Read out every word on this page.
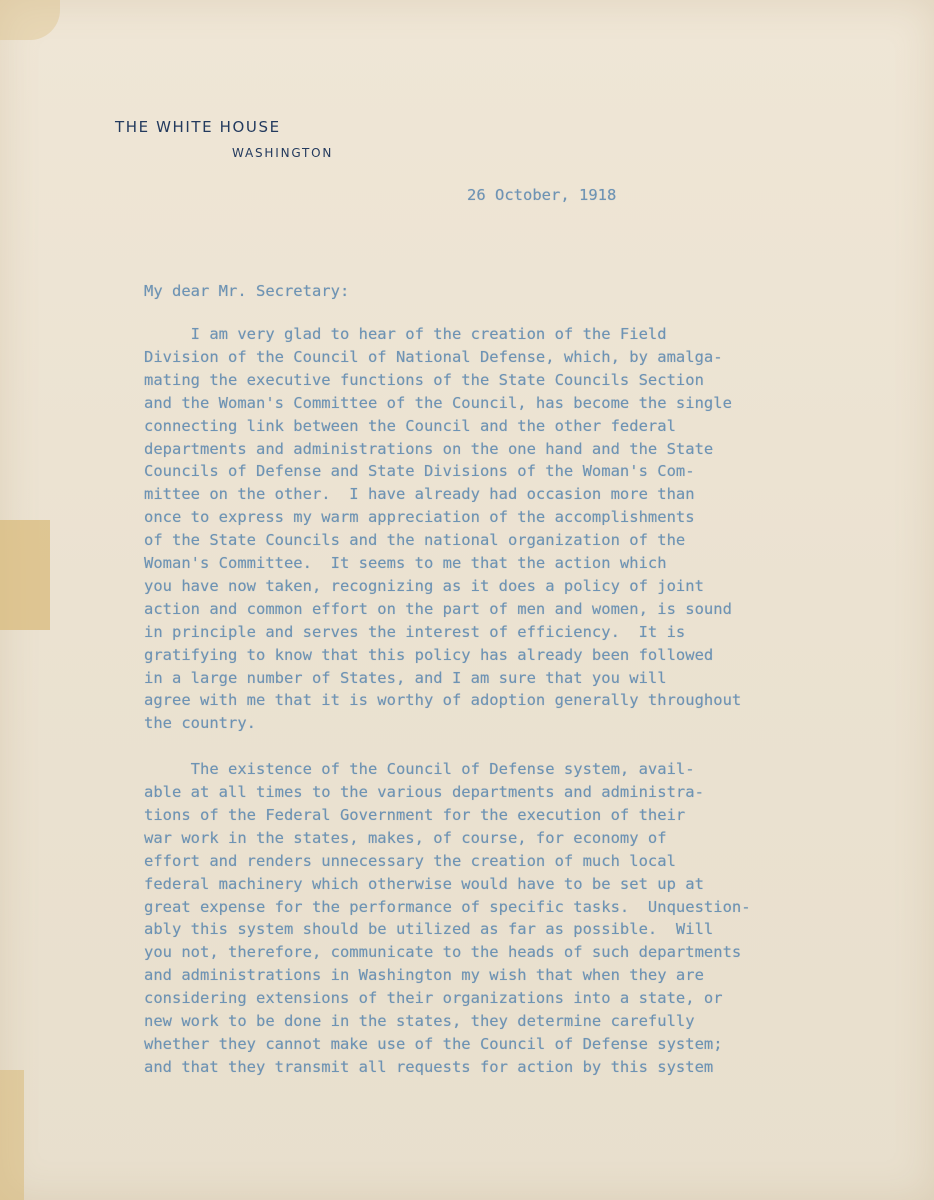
THE WHITE HOUSE
WASHINGTON
26 October, 1918
My dear Mr. Secretary:
I am very glad to hear of the creation of the Field
Division of the Council of National Defense, which, by amalga-
mating the executive functions of the State Councils Section
and the Woman's Committee of the Council, has become the single
connecting link between the Council and the other federal
departments and administrations on the one hand and the State
Councils of Defense and State Divisions of the Woman's Com-
mittee on the other.  I have already had occasion more than
once to express my warm appreciation of the accomplishments
of the State Councils and the national organization of the
Woman's Committee.  It seems to me that the action which
you have now taken, recognizing as it does a policy of joint
action and common effort on the part of men and women, is sound
in principle and serves the interest of efficiency.  It is
gratifying to know that this policy has already been followed
in a large number of States, and I am sure that you will
agree with me that it is worthy of adoption generally throughout
the country.
The existence of the Council of Defense system, avail-
able at all times to the various departments and administra-
tions of the Federal Government for the execution of their
war work in the states, makes, of course, for economy of
effort and renders unnecessary the creation of much local
federal machinery which otherwise would have to be set up at
great expense for the performance of specific tasks.  Unquestion-
ably this system should be utilized as far as possible.  Will
you not, therefore, communicate to the heads of such departments
and administrations in Washington my wish that when they are
considering extensions of their organizations into a state, or
new work to be done in the states, they determine carefully
whether they cannot make use of the Council of Defense system;
and that they transmit all requests for action by this system
